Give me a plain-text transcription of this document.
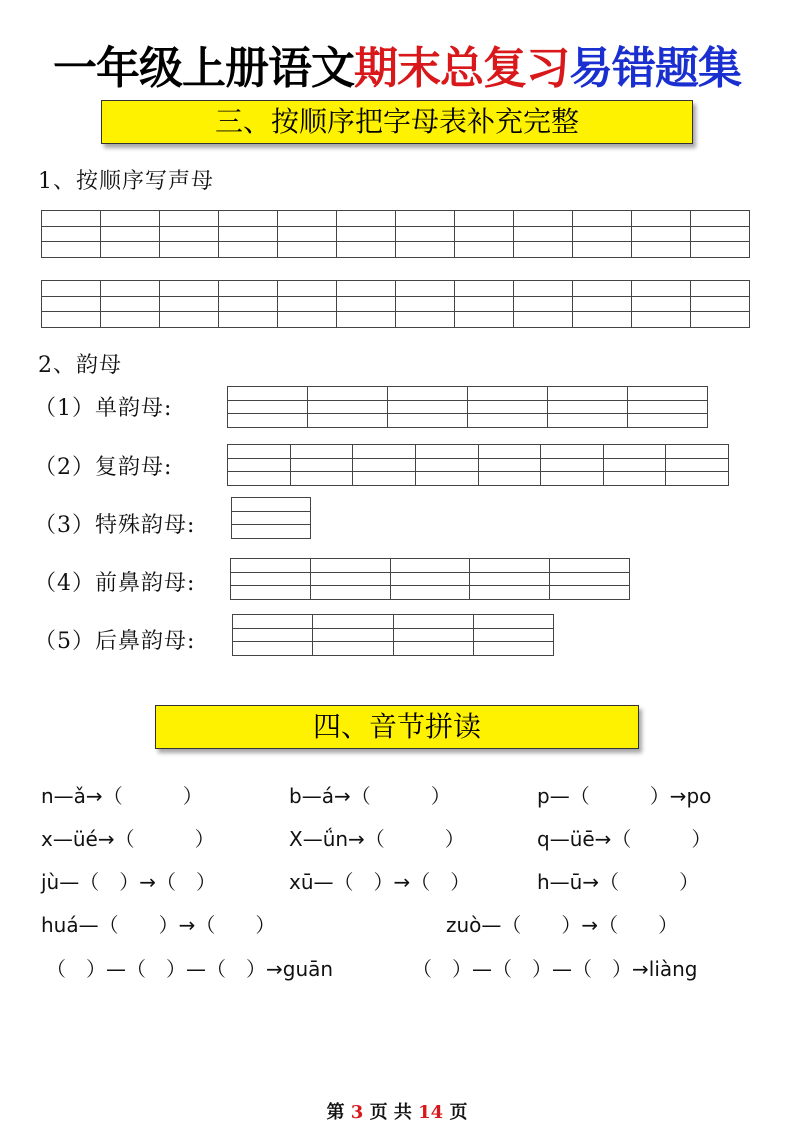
一年级上册语文期末总复习易错题集
三、按顺序把字母表补充完整
1、按顺序写声母
2、韵母
（1）单韵母:
（2）复韵母:
（3）特殊韵母:
（4）前鼻韵母:
（5）后鼻韵母:
四、音节拼读
n—ǎ→（　　　）	b—á→（　　　）	p—（　　　）→po
x—üé→（　　　）	X—ǘn→（　　　）	q—üē→（　　　）
jù—（　）→（　）	xū—（　）→（　）	h—ū→（　　　）
huá—（　　）→（　　）	zuò—（　　）→（　　）
（　）—（　）—（　）→guān	（　）—（　）—（　）→liàng
第 3 页 共 14 页
